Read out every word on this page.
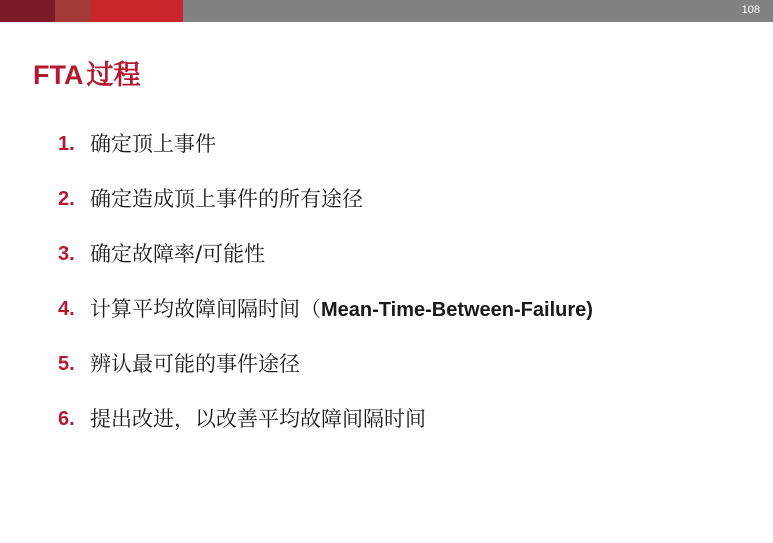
108
FTA 过程
1. 确定顶上事件
2. 确定造成顶上事件的所有途径
3. 确定故障率/可能性
4. 计算平均故障间隔时间（Mean-Time-Between-Failure)
5. 辨认最可能的事件途径
6. 提出改进，以改善平均故障间隔时间
